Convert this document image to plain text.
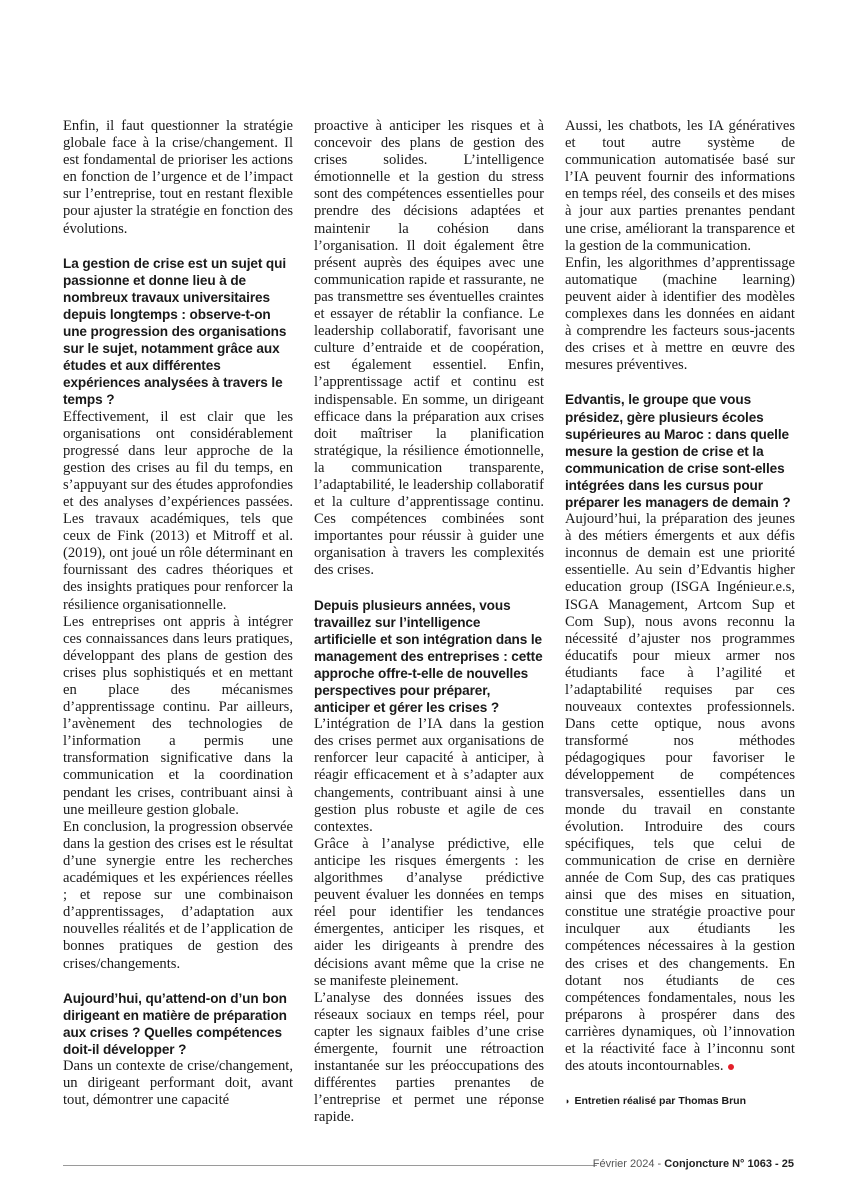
Enfin, il faut questionner la stratégie globale face à la crise/changement. Il est fondamental de prioriser les actions en fonction de l’urgence et de l’impact sur l’entreprise, tout en restant flexible pour ajuster la stratégie en fonction des évolutions.

La gestion de crise est un sujet qui passionne et donne lieu à de nombreux travaux universitaires depuis longtemps : observe-t-on une progression des organisations sur le sujet, notamment grâce aux études et aux différentes expériences analysées à travers le temps ?

Effectivement, il est clair que les organisations ont considérablement progressé dans leur approche de la gestion des crises au fil du temps, en s’appuyant sur des études approfondies et des analyses d’expériences passées. Les travaux académiques, tels que ceux de Fink (2013) et Mitroff et al. (2019), ont joué un rôle déterminant en fournissant des cadres théoriques et des insights pratiques pour renforcer la résilience organisationnelle.

Les entreprises ont appris à intégrer ces connaissances dans leurs pratiques, développant des plans de gestion des crises plus sophistiqués et en mettant en place des mécanismes d’apprentissage continu. Par ailleurs, l’avènement des technologies de l’information a permis une transformation significative dans la communication et la coordination pendant les crises, contribuant ainsi à une meilleure gestion globale.

En conclusion, la progression observée dans la gestion des crises est le résultat d’une synergie entre les recherches académiques et les expériences réelles ; et repose sur une combinaison d’apprentissages, d’adaptation aux nouvelles réalités et de l’application de bonnes pratiques de gestion des crises/changements.

Aujourd’hui, qu’attend-on d’un bon dirigeant en matière de préparation aux crises ? Quelles compétences doit-il développer ?

Dans un contexte de crise/changement, un dirigeant performant doit, avant tout, démontrer une capacité

proactive à anticiper les risques et à concevoir des plans de gestion des crises solides. L’intelligence émotionnelle et la gestion du stress sont des compétences essentielles pour prendre des décisions adaptées et maintenir la cohésion dans l’organisation. Il doit également être présent auprès des équipes avec une communication rapide et rassurante, ne pas transmettre ses éventuelles craintes et essayer de rétablir la confiance. Le leadership collaboratif, favorisant une culture d’entraide et de coopération, est également essentiel. Enfin, l’apprentissage actif et continu est indispensable. En somme, un dirigeant efficace dans la préparation aux crises doit maîtriser la planification stratégique, la résilience émotionnelle, la communication transparente, l’adaptabilité, le leadership collaboratif et la culture d’apprentissage continu. Ces compétences combinées sont importantes pour réussir à guider une organisation à travers les complexités des crises.

Depuis plusieurs années, vous travaillez sur l’intelligence artificielle et son intégration dans le management des entreprises : cette approche offre-t-elle de nouvelles perspectives pour préparer, anticiper et gérer les crises ?

L’intégration de l’IA dans la gestion des crises permet aux organisations de renforcer leur capacité à anticiper, à réagir efficacement et à s’adapter aux changements, contribuant ainsi à une gestion plus robuste et agile de ces contextes.

Grâce à l’analyse prédictive, elle anticipe les risques émergents : les algorithmes d’analyse prédictive peuvent évaluer les données en temps réel pour identifier les tendances émergentes, anticiper les risques, et aider les dirigeants à prendre des décisions avant même que la crise ne se manifeste pleinement.

L’analyse des données issues des réseaux sociaux en temps réel, pour capter les signaux faibles d’une crise émergente, fournit une rétroaction instantanée sur les préoccupations des différentes parties prenantes de l’entreprise et permet une réponse rapide.

Aussi, les chatbots, les IA génératives et tout autre système de communication automatisée basé sur l’IA peuvent fournir des informations en temps réel, des conseils et des mises à jour aux parties prenantes pendant une crise, améliorant la transparence et la gestion de la communication.

Enfin, les algorithmes d’apprentissage automatique (machine learning) peuvent aider à identifier des modèles complexes dans les données en aidant à comprendre les facteurs sous-jacents des crises et à mettre en œuvre des mesures préventives.

Edvantis, le groupe que vous présidez, gère plusieurs écoles supérieures au Maroc : dans quelle mesure la gestion de crise et la communication de crise sont-elles intégrées dans les cursus pour préparer les managers de demain ?

Aujourd’hui, la préparation des jeunes à des métiers émergents et aux défis inconnus de demain est une priorité essentielle. Au sein d’Edvantis higher education group (ISGA Ingénieur.e.s, ISGA Management, Artcom Sup et Com Sup), nous avons reconnu la nécessité d’ajuster nos programmes éducatifs pour mieux armer nos étudiants face à l’agilité et l’adaptabilité requises par ces nouveaux contextes professionnels. Dans cette optique, nous avons transformé nos méthodes pédagogiques pour favoriser le développement de compétences transversales, essentielles dans un monde du travail en constante évolution. Introduire des cours spécifiques, tels que celui de communication de crise en dernière année de Com Sup, des cas pratiques ainsi que des mises en situation, constitue une stratégie proactive pour inculquer aux étudiants les compétences nécessaires à la gestion des crises et des changements. En dotant nos étudiants de ces compétences fondamentales, nous les préparons à prospérer dans des carrières dynamiques, où l’innovation et la réactivité face à l’inconnu sont des atouts incontournables.

◗ Entretien réalisé par Thomas Brun
Février 2024 - Conjoncture N° 1063 - 25
